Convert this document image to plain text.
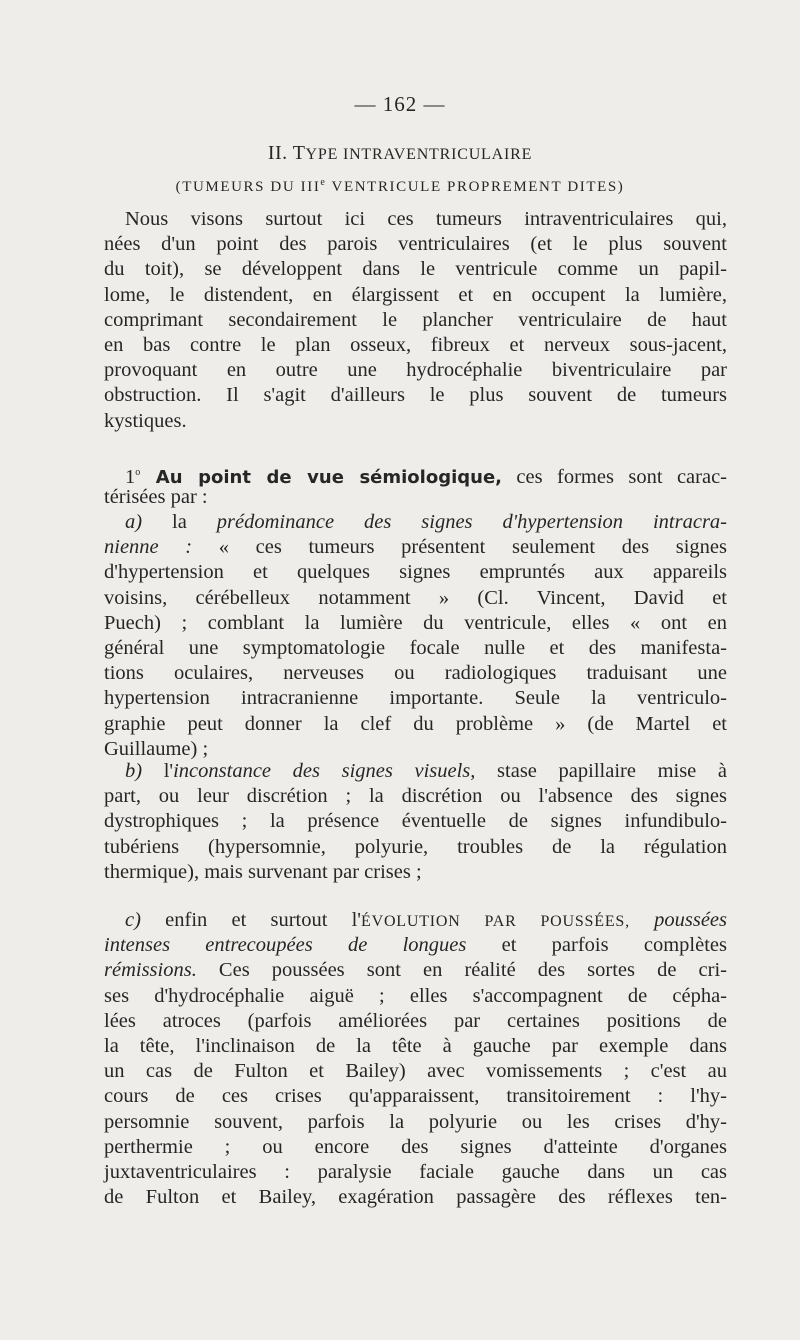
— 162 —
II. TYPE INTRAVENTRICULAIRE
(TUMEURS DU IIIe VENTRICULE PROPREMENT DITES)
Nous visons surtout ici ces tumeurs intraventriculaires qui,
nées d'un point des parois ventriculaires (et le plus souvent
du toit), se développent dans le ventricule comme un papil-
lome, le distendent, en élargissent et en occupent la lumière,
comprimant secondairement le plancher ventriculaire de haut
en bas contre le plan osseux, fibreux et nerveux sous-jacent,
provoquant en outre une hydrocéphalie biventriculaire par
obstruction. Il s'agit d'ailleurs le plus souvent de tumeurs
kystiques.
1$^o$ Au point de vue sémiologique, ces formes sont carac-
térisées par :
a) la prédominance des signes d'hypertension intracra-
nienne : « ces tumeurs présentent seulement des signes
d'hypertension et quelques signes empruntés aux appareils
voisins, cérébelleux notamment » (Cl. Vincent, David et
Puech) ; comblant la lumière du ventricule, elles « ont en
général une symptomatologie focale nulle et des manifesta-
tions oculaires, nerveuses ou radiologiques traduisant une
hypertension intracranienne importante. Seule la ventriculo-
graphie peut donner la clef du problème » (de Martel et
Guillaume) ;
b) l'inconstance des signes visuels, stase papillaire mise à
part, ou leur discrétion ; la discrétion ou l'absence des signes
dystrophiques ; la présence éventuelle de signes infundibulo-
tubériens (hypersomnie, polyurie, troubles de la régulation
thermique), mais survenant par crises ;
c) enfin et surtout l'ÉVOLUTION PAR POUSSÉES, poussées
intenses entrecoupées de longues et parfois complètes
rémissions. Ces poussées sont en réalité des sortes de cri-
ses d'hydrocéphalie aiguë ; elles s'accompagnent de cépha-
lées atroces (parfois améliorées par certaines positions de
la tête, l'inclinaison de la tête à gauche par exemple dans
un cas de Fulton et Bailey) avec vomissements ; c'est au
cours de ces crises qu'apparaissent, transitoirement : l'hy-
persomnie souvent, parfois la polyurie ou les crises d'hy-
perthermie ; ou encore des signes d'atteinte d'organes
juxtaventriculaires : paralysie faciale gauche dans un cas
de Fulton et Bailey, exagération passagère des réflexes ten-
